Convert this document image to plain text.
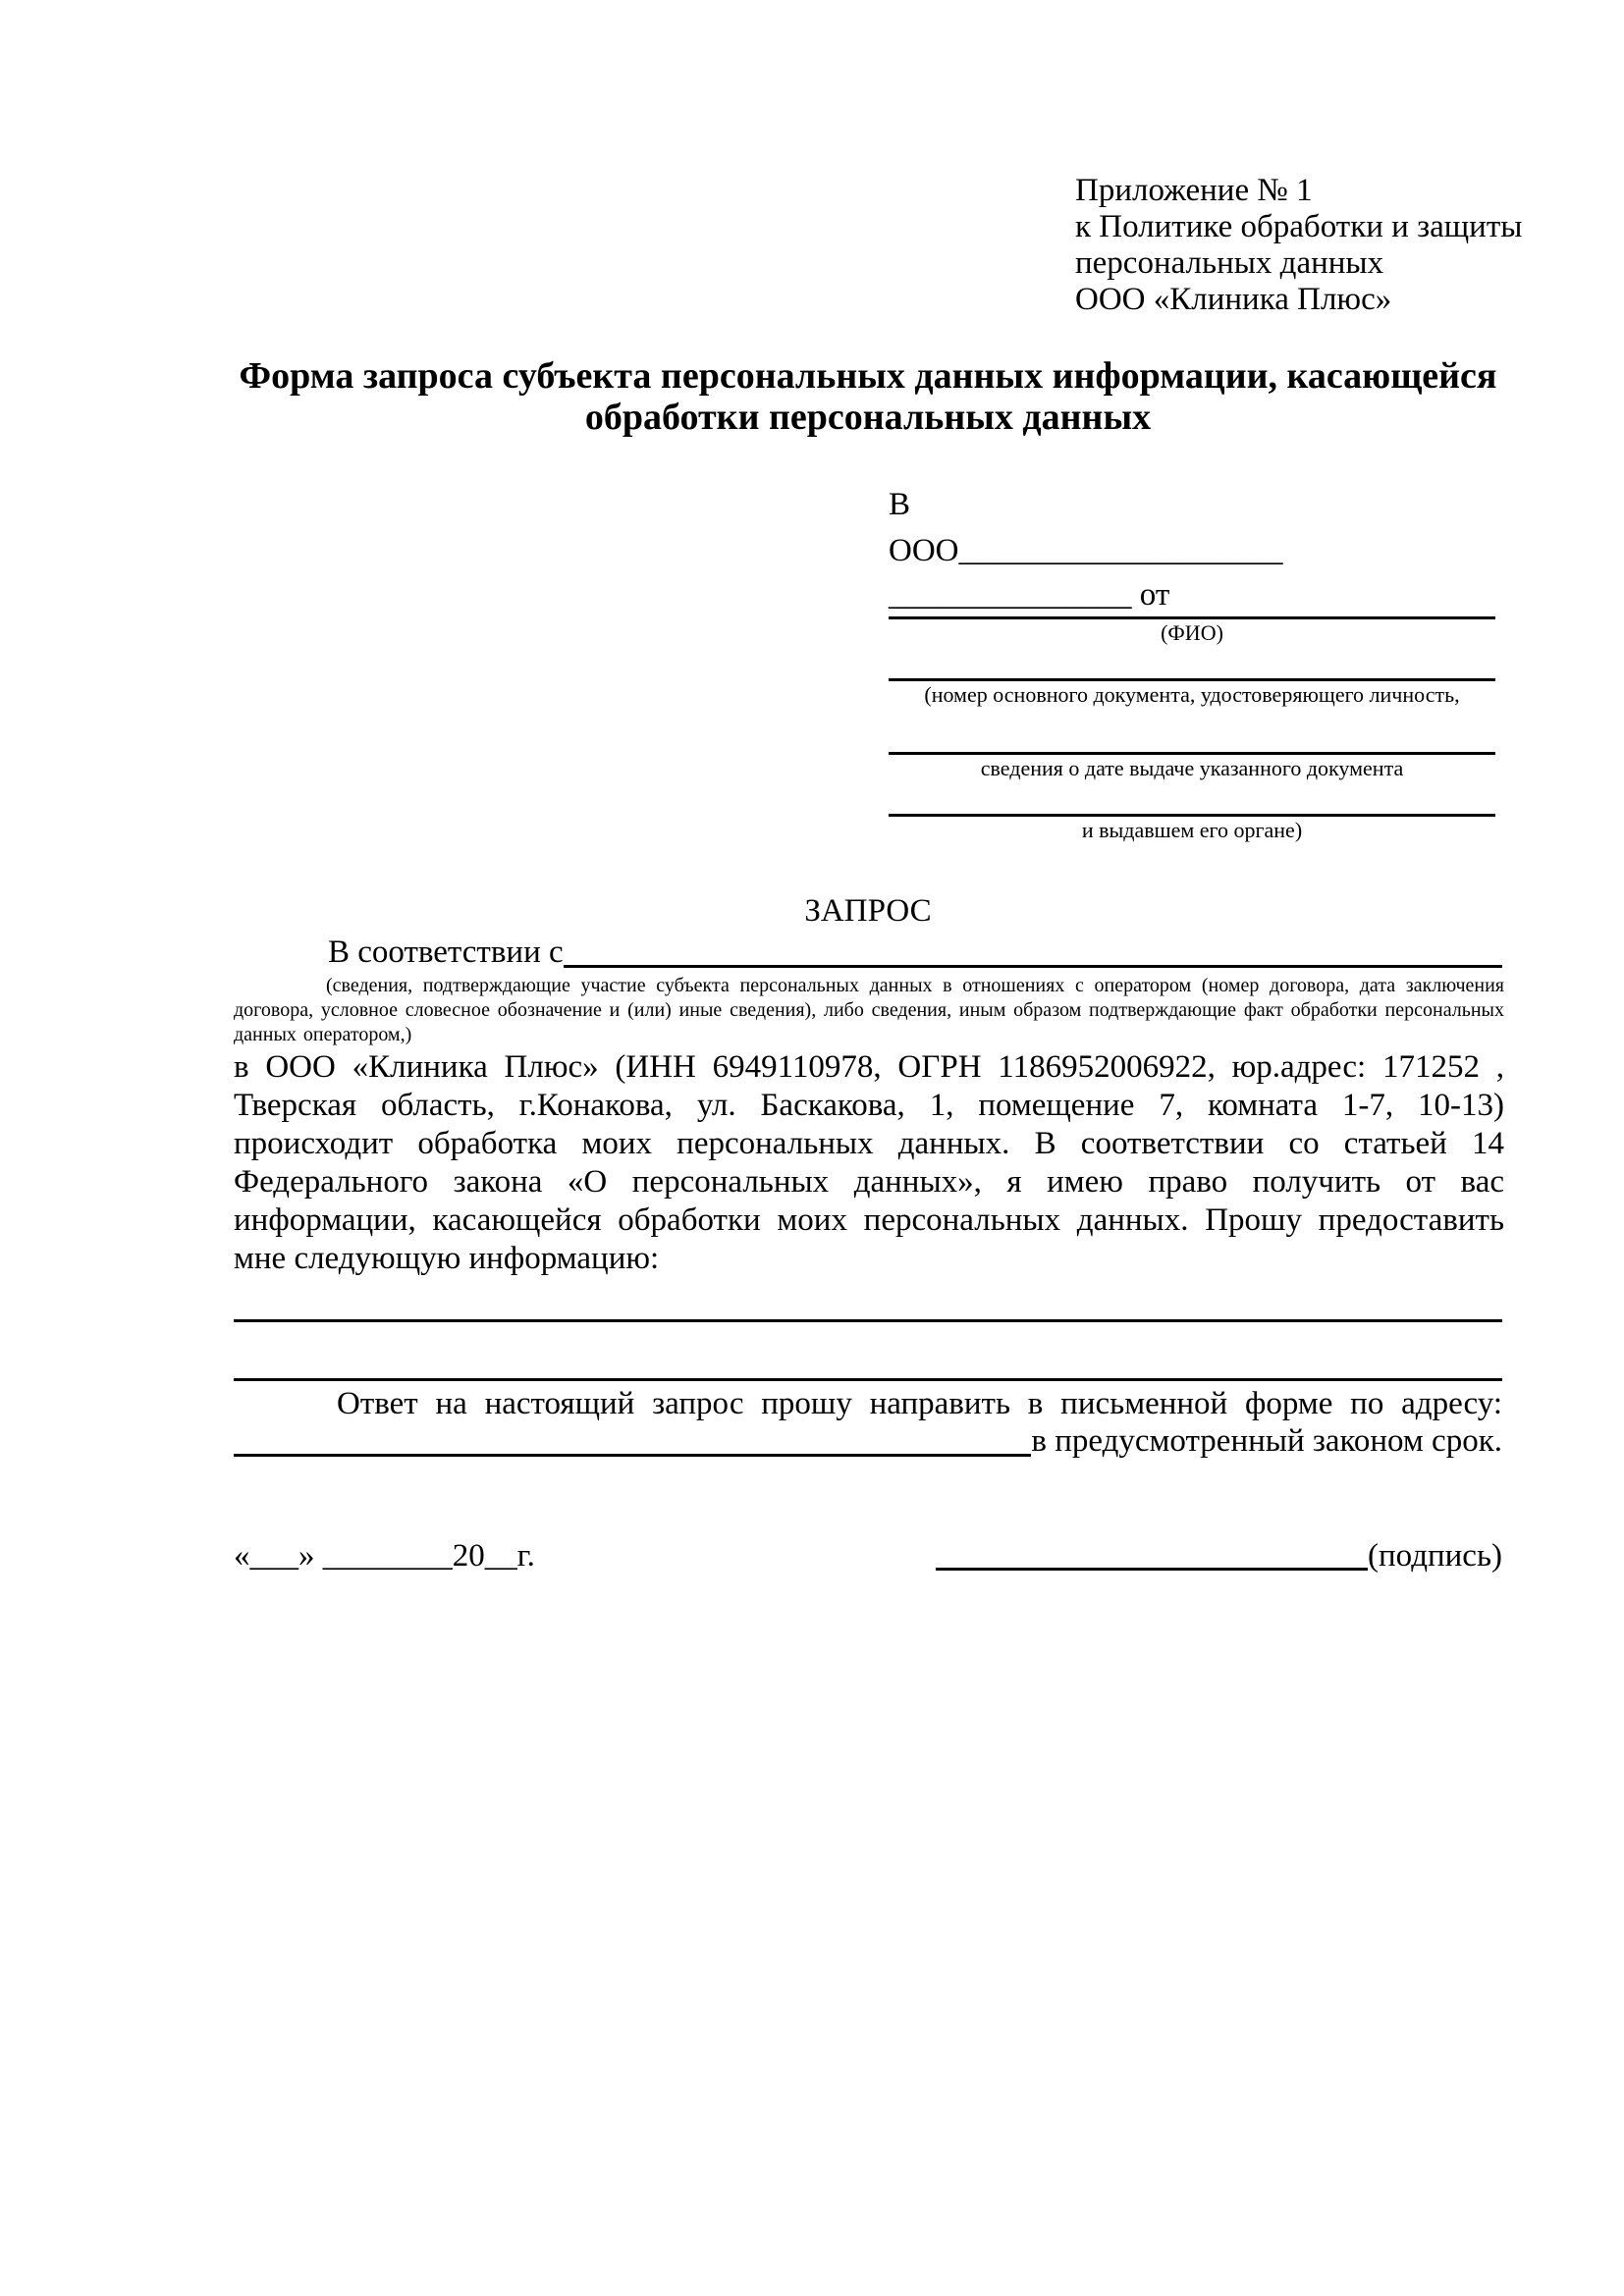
Приложение № 1
к Политике обработки и защиты
персональных данных
ООО «Клиника Плюс»
Форма запроса субъекта персональных данных информации, касающейся обработки персональных данных
В
ООО____________________
_______________ от
(ФИО)
(номер основного документа, удостоверяющего личность,
сведения о дате выдаче указанного документа
и выдавшем его органе)
ЗАПРОС
В соответствии с
(сведения, подтверждающие участие субъекта персональных данных в отношениях с оператором (номер договора, дата заключения договора, условное словесное обозначение и (или) иные сведения), либо сведения, иным образом подтверждающие факт обработки персональных данных оператором,)
в ООО «Клиника Плюс» (ИНН 6949110978, ОГРН 1186952006922, юр.адрес: 171252 , Тверская область, г.Конакова, ул. Баскакова, 1, помещение 7, комната 1-7, 10-13) происходит обработка моих персональных данных. В соответствии со статьей 14 Федерального закона «О персональных данных», я имею право получить от вас информации, касающейся обработки моих персональных данных. Прошу предоставить мне следующую информацию:
Ответ на настоящий запрос прошу направить в письменной форме по адресу:
в предусмотренный законом срок.
«___» ________20__г.	(подпись)
